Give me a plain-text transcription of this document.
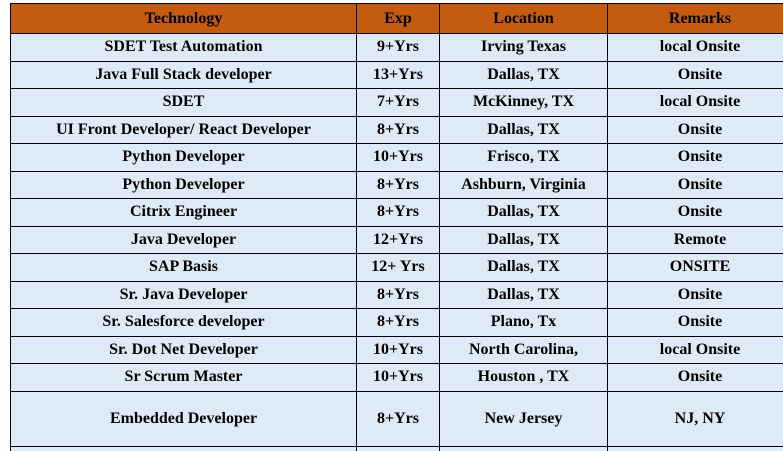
Technology	Exp	Location	Remarks
SDET Test Automation	9+Yrs	Irving Texas	local Onsite
Java Full Stack developer	13+Yrs	Dallas, TX	Onsite
SDET	7+Yrs	McKinney, TX	local Onsite
UI Front Developer/ React Developer	8+Yrs	Dallas, TX	Onsite
Python Developer	10+Yrs	Frisco, TX	Onsite
Python Developer	8+Yrs	Ashburn, Virginia	Onsite
Citrix Engineer	8+Yrs	Dallas, TX	Onsite
Java Developer	12+Yrs	Dallas, TX	Remote
SAP Basis	12+ Yrs	Dallas, TX	ONSITE
Sr. Java Developer	8+Yrs	Dallas, TX	Onsite
Sr. Salesforce developer	8+Yrs	Plano, Tx	Onsite
Sr. Dot Net Developer	10+Yrs	North Carolina,	local Onsite
Sr Scrum Master	10+Yrs	Houston , TX	Onsite
Embedded Developer	8+Yrs	New Jersey	NJ, NY
